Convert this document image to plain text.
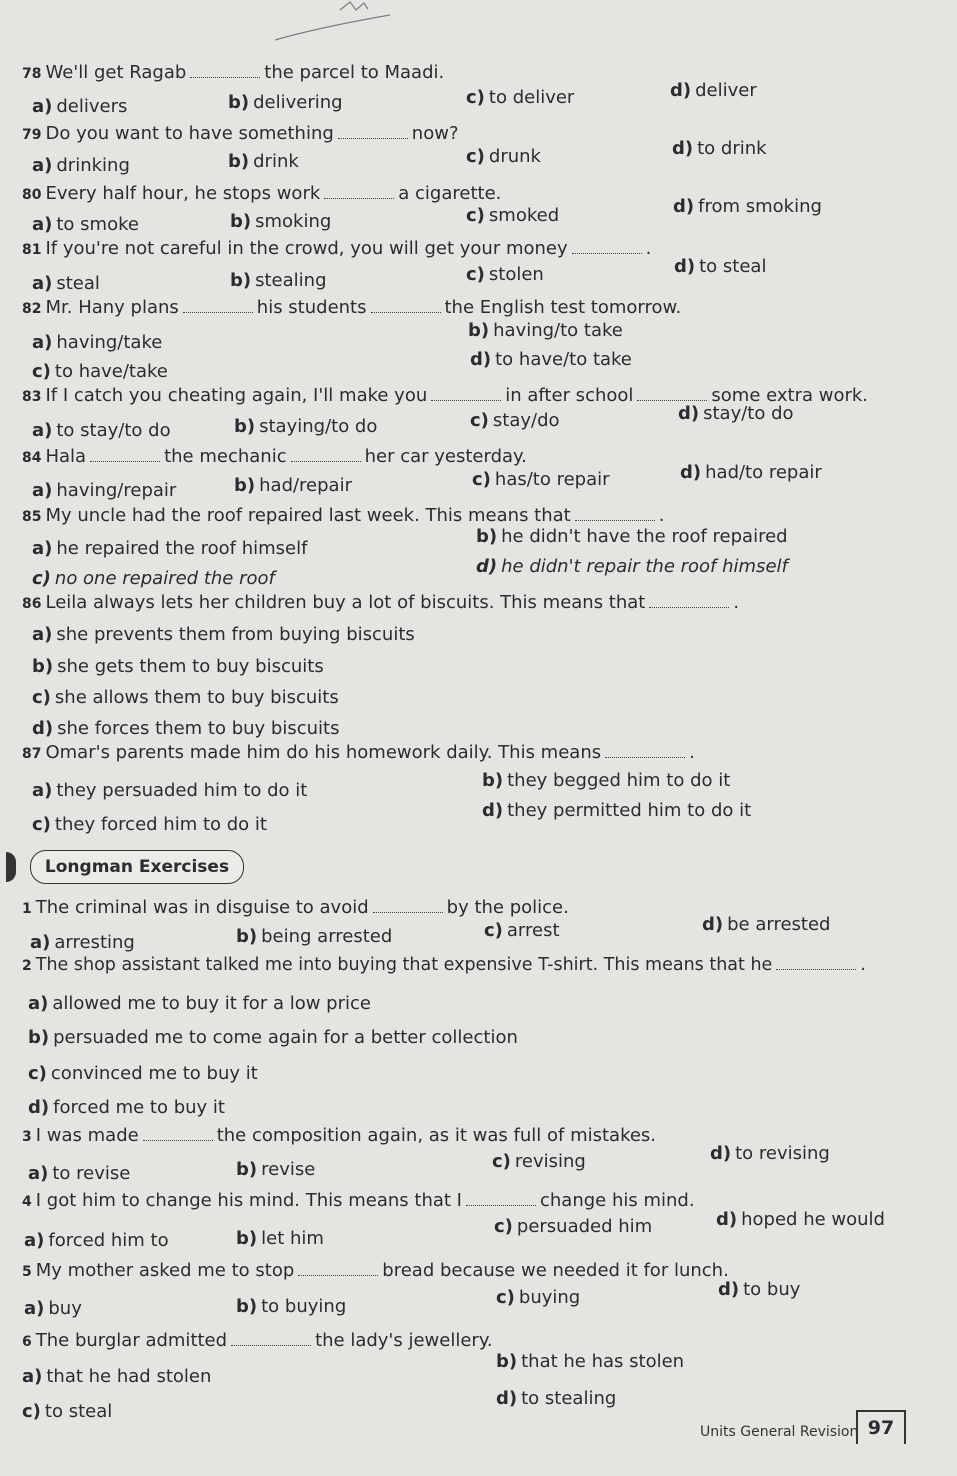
78 We'll get Ragab	the parcel to Maadi.
a) delivers	b) delivering	c) to deliver	d) deliver
79 Do you want to have something	now?
a) drinking	b) drink	c) drunk	d) to drink
80 Every half hour, he stops work	a cigarette.
a) to smoke	b) smoking	c) smoked	d) from smoking
81 If you're not careful in the crowd, you will get your money	.
a) steal	b) stealing	c) stolen	d) to steal
82 Mr. Hany plans	his students	the English test tomorrow.
a) having/take
b) having/to take
c) to have/take
d) to have/to take
83 If I catch you cheating again, I'll make you	in after school	some extra work.
a) to stay/to do	b) staying/to do	c) stay/do	d) stay/to do
84 Hala	the mechanic	her car yesterday.
a) having/repair	b) had/repair	c) has/to repair	d) had/to repair
85 My uncle had the roof repaired last week. This means that	.
a) he repaired the roof himself
b) he didn't have the roof repaired
c) no one repaired the roof
d) he didn't repair the roof himself
86 Leila always lets her children buy a lot of biscuits. This means that	.
a) she prevents them from buying biscuits
b) she gets them to buy biscuits
c) she allows them to buy biscuits
d) she forces them to buy biscuits
87 Omar's parents made him do his homework daily. This means	.
a) they persuaded him to do it	b) they begged him to do it
c) they forced him to do it
d) they permitted him to do it
Longman Exercises
1 The criminal was in disguise to avoid	by the police.
a) arresting	b) being arrested	c) arrest	d) be arrested
2 The shop assistant talked me into buying that expensive T-shirt. This means that he	.
a) allowed me to buy it for a low price
b) persuaded me to come again for a better collection
c) convinced me to buy it
d) forced me to buy it
3 I was made	the composition again, as it was full of mistakes.
a) to revise	b) revise	c) revising	d) to revising
4 I got him to change his mind. This means that I	change his mind.
a) forced him to	b) let him
c) persuaded him	d) hoped he would
5 My mother asked me to stop	bread because we needed it for lunch.
a) buy	b) to buying	c) buying	d) to buy
6 The burglar admitted	the lady's jewellery.
a) that he had stolen
b) that he has stolen
c) to steal
d) to stealing
Units General Revision 97
